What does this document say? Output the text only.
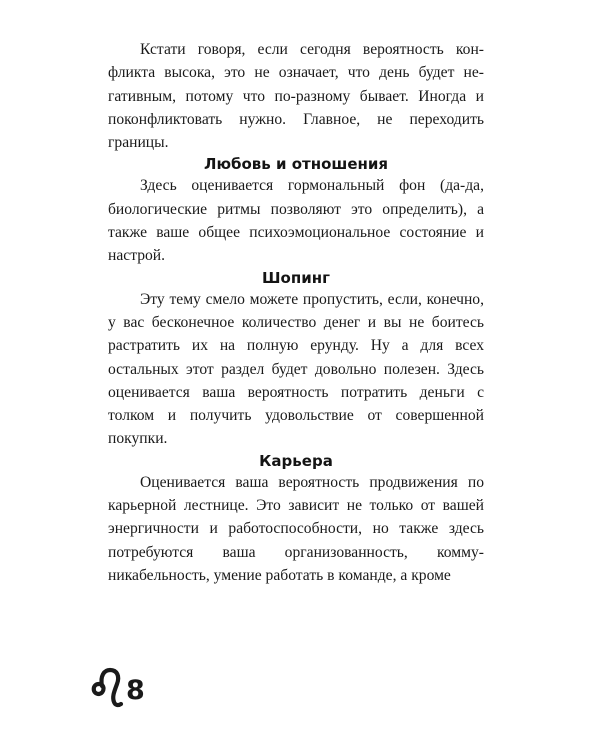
Кстати говоря, если сегодня вероятность конфликта высока, это не означает, что день будет негативным, потому что по-разному бывает. Иногда и поконфликтовать нужно. Главное, не переходить границы.

Любовь и отношения

Здесь оценивается гормональный фон (да-да, биологические ритмы позволяют это определить), а также ваше общее психоэмоциональное состояние и настрой.

Шопинг

Эту тему смело можете пропустить, если, конечно, у вас бесконечное количество денег и вы не боитесь растратить их на полную ерунду. Ну а для всех остальных этот раздел будет довольно полезен. Здесь оценивается ваша вероятность потратить деньги с толком и получить удовольствие от совершенной покупки.

Карьера

Оценивается ваша вероятность продвижения по карьерной лестнице. Это зависит не только от вашей энергичности и работоспособности, но также здесь потребуются ваша организованность, коммуникабельность, умение работать в команде, а кроме

8
